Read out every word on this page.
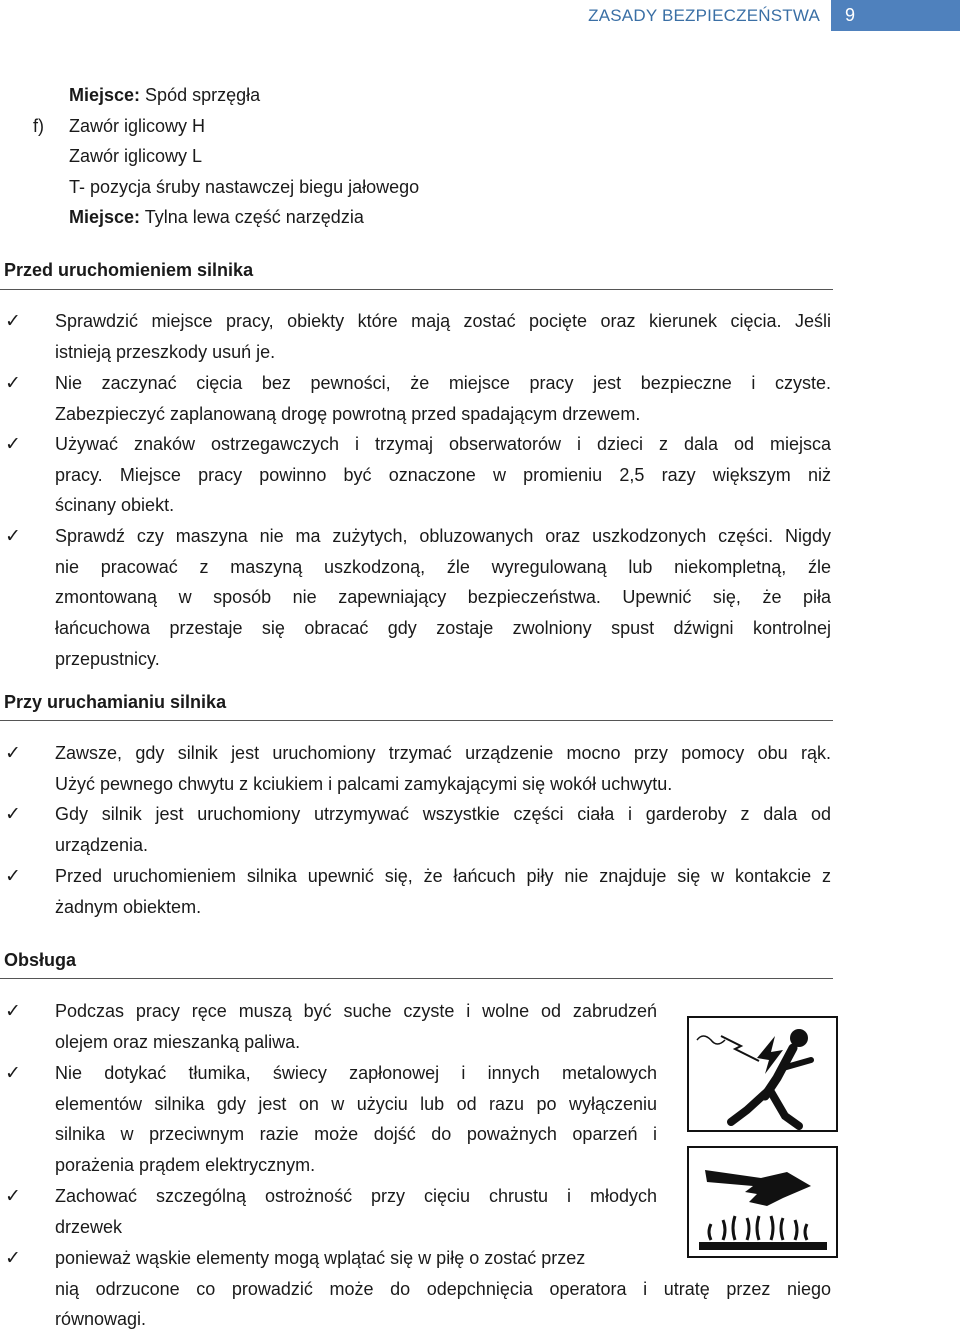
ZASADY BEZPIECZEŃSTWA	9
Miejsce: Spód sprzęgła
f) Zawór iglicowy H
Zawór iglicowy L
T- pozycja śruby nastawczej biegu jałowego
Miejsce: Tylna lewa część narzędzia
Przed uruchomieniem silnika
✓ Sprawdzić miejsce pracy, obiekty które mają zostać pocięte oraz kierunek cięcia. Jeśli
istnieją przeszkody usuń je.
✓ Nie zaczynać cięcia bez pewności, że miejsce pracy jest bezpieczne i czyste.
Zabezpieczyć zaplanowaną drogę powrotną przed spadającym drzewem.
✓ Używać znaków ostrzegawczych i trzymaj obserwatorów i dzieci z dala od miejsca
pracy. Miejsce pracy powinno być oznaczone w promieniu 2,5 razy większym niż
ścinany obiekt.
✓ Sprawdź czy maszyna nie ma zużytych, obluzowanych oraz uszkodzonych części. Nigdy
nie pracować z maszyną uszkodzoną, źle wyregulowaną lub niekompletną, źle
zmontowaną w sposób nie zapewniający bezpieczeństwa. Upewnić się, że piła
łańcuchowa przestaje się obracać gdy zostaje zwolniony spust dźwigni kontrolnej
przepustnicy.
Przy uruchamianiu silnika
✓ Zawsze, gdy silnik jest uruchomiony trzymać urządzenie mocno przy pomocy obu rąk.
Użyć pewnego chwytu z kciukiem i palcami zamykającymi się wokół uchwytu.
✓ Gdy silnik jest uruchomiony utrzymywać wszystkie części ciała i garderoby z dala od
urządzenia.
✓ Przed uruchomieniem silnika upewnić się, że łańcuch piły nie znajduje się w kontakcie z
żadnym obiektem.
Obsługa
✓ Podczas pracy ręce muszą być suche czyste i wolne od zabrudzeń
olejem oraz mieszanką paliwa.
✓ Nie dotykać tłumika, świecy zapłonowej i innych metalowych
elementów silnika gdy jest on w użyciu lub od razu po wyłączeniu
silnika w przeciwnym razie może dojść do poważnych oparzeń i
porażenia prądem elektrycznym.
✓ Zachować szczególną ostrożność przy cięciu chrustu i młodych
drzewek
✓ ponieważ wąskie elementy mogą wplątać się w piłę o zostać przez
nią odrzucone co prowadzić może do odepchnięcia operatora i utratę przez niego
równowagi.
